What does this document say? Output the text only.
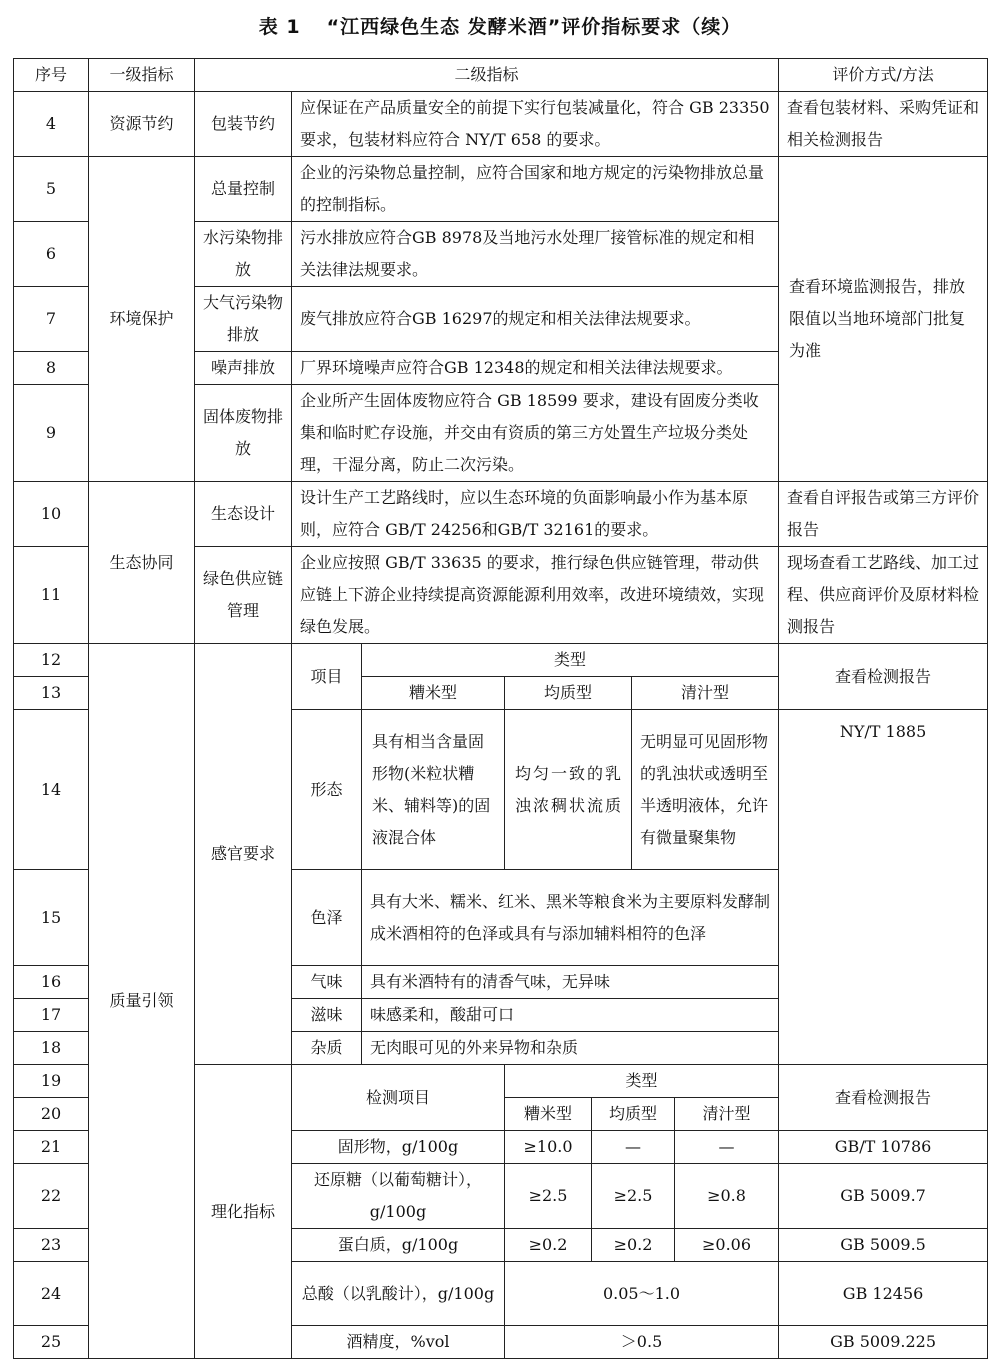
表 1 “江西绿色生态 发酵米酒”评价指标要求（续）
序号	一级指标	二级指标					评价方式/方法
4	资源节约	包装节约	应保证在产品质量安全的前提下实行包装减量化，符合 GB 23350 要求，包装材料应符合 NY/T 658 的要求。				查看包装材料、采购凭证和相关检测报告
5	环境保护	总量控制	企业的污染物总量控制，应符合国家和地方规定的污染物排放总量的控制指标。				查看环境监测报告，排放限值以当地环境部门批复为准
6		水污染物排放	污水排放应符合GB 8978及当地污水处理厂接管标准的规定和相关法律法规要求。				
7		大气污染物排放	废气排放应符合GB 16297的规定和相关法律法规要求。				
8		噪声排放	厂界环境噪声应符合GB 12348的规定和相关法律法规要求。				
9		固体废物排放	企业所产生固体废物应符合 GB 18599 要求，建设有固废分类收集和临时贮存设施，并交由有资质的第三方处置生产垃圾分类处理，干湿分离，防止二次污染。				
10	生态协同	生态设计	设计生产工艺路线时，应以生态环境的负面影响最小作为基本原则，应符合 GB/T 24256和GB/T 32161的要求。				查看自评报告或第三方评价报告
11		绿色供应链管理	企业应按照 GB/T 33635 的要求，推行绿色供应链管理，带动供应链上下游企业持续提高资源能源利用效率，改进环境绩效，实现绿色发展。				现场查看工艺路线、加工过程、供应商评价及原材料检测报告
12	质量引领	感官要求	项目	类型			查看检测报告
13				糟米型	均质型	清汁型	
14			形态	具有相当含量固形物(米粒状糟米、辅料等)的固液混合体	均匀一致的乳浊浓稠状流质	无明显可见固形物的乳浊状或透明至半透明液体，允许有微量聚集物	NY/T 1885
15			色泽	具有大米、糯米、红米、黑米等粮食米为主要原料发酵制成米酒相符的色泽或具有与添加辅料相符的色泽			
16			气味	具有米酒特有的清香气味，无异味			
17			滋味	味感柔和，酸甜可口			
18			杂质	无肉眼可见的外来异物和杂质			
19		理化指标	检测项目		类型		查看检测报告
20					糟米型 均质型 清汁型		

21			固形物，g/100g		≥10.0 — —		GB/T 10786
22			还原糖（以葡萄糖计），g/100g		≥2.5 ≥2.5 ≥0.8		GB 5009.7
23			蛋白质，g/100g		≥0.2 ≥0.2 ≥0.06		GB 5009.5
24			总酸（以乳酸计），g/100g		0.05～1.0		GB 12456
25			酒精度，%vol		＞0.5		GB 5009.225
